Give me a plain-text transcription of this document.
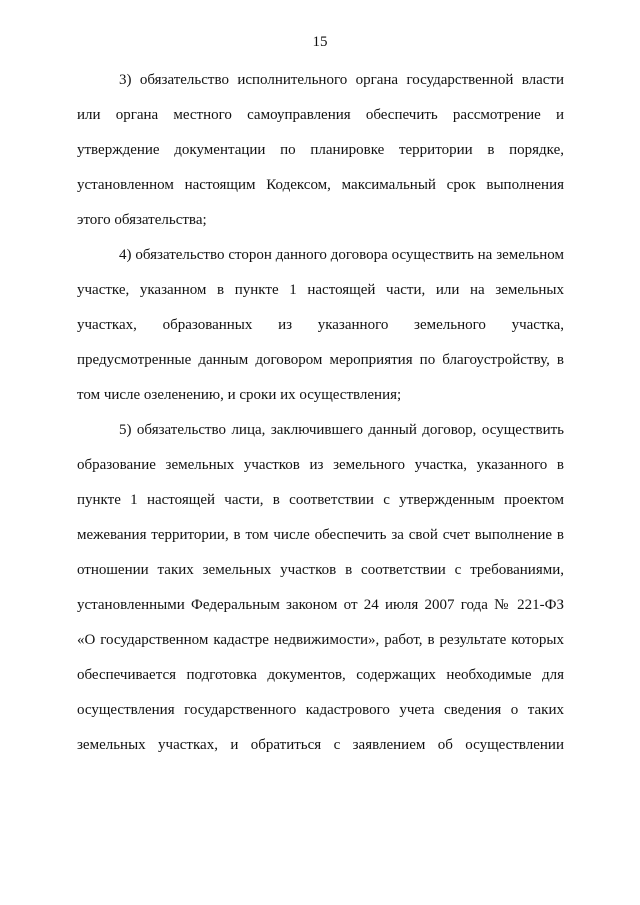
15
3) обязательство исполнительного органа государственной власти
или органа местного самоуправления обеспечить рассмотрение и
утверждение документации по планировке территории в порядке,
установленном настоящим Кодексом, максимальный срок выполнения
этого обязательства;
4) обязательство сторон данного договора осуществить на земельном
участке, указанном в пункте 1 настоящей части, или на земельных
участках, образованных из указанного земельного участка,
предусмотренные данным договором мероприятия по благоустройству, в
том числе озеленению, и сроки их осуществления;
5) обязательство лица, заключившего данный договор, осуществить
образование земельных участков из земельного участка, указанного в
пункте 1 настоящей части, в соответствии с утвержденным проектом
межевания территории, в том числе обеспечить за свой счет выполнение в
отношении таких земельных участков в соответствии с требованиями,
установленными Федеральным законом от 24 июля 2007 года № 221-ФЗ
«О государственном кадастре недвижимости», работ, в результате которых
обеспечивается подготовка документов, содержащих необходимые для
осуществления государственного кадастрового учета сведения о таких
земельных участках, и обратиться с заявлением об осуществлении
